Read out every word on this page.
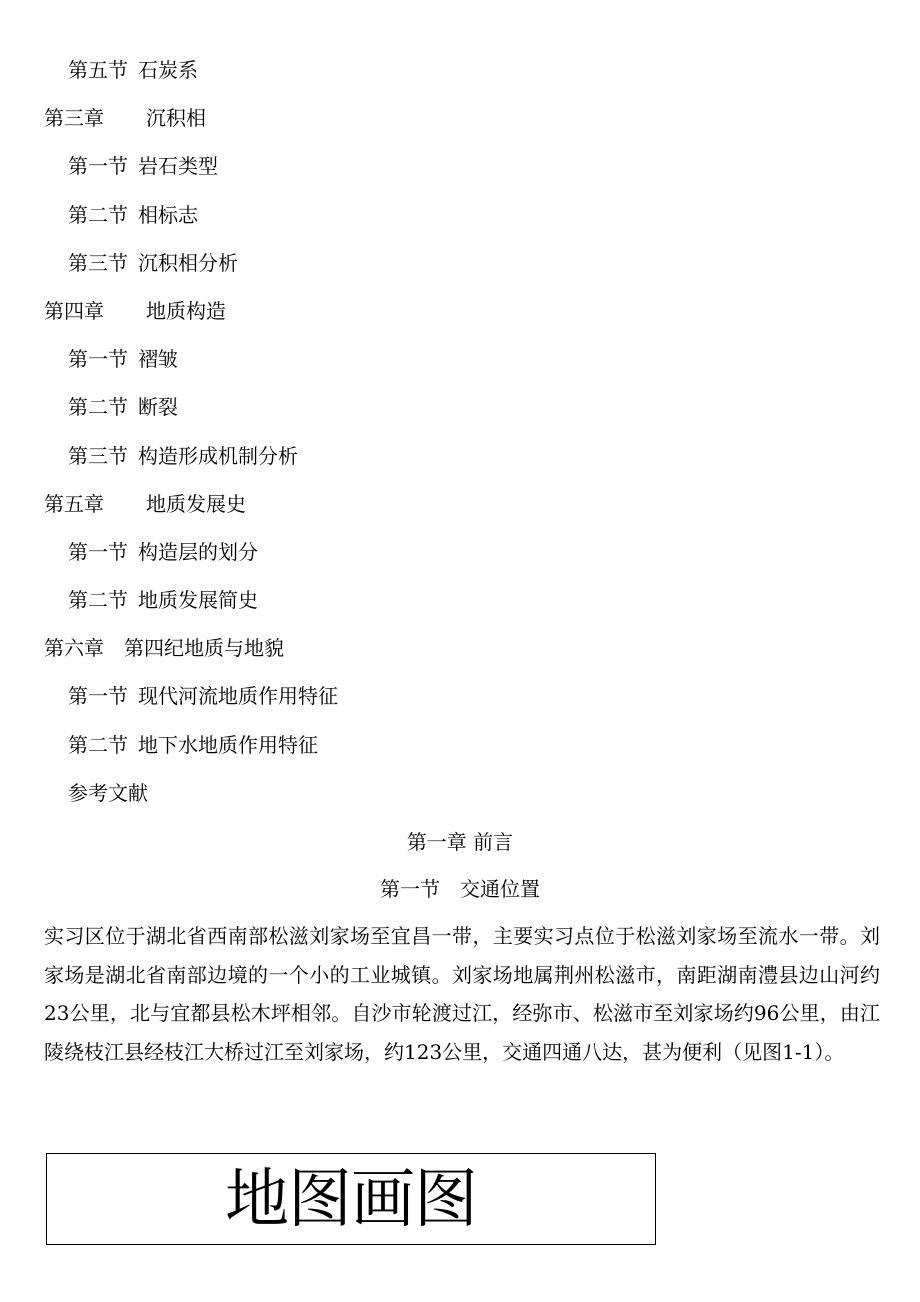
第五节 石炭系
第三章 沉积相
第一节 岩石类型
第二节 相标志
第三节 沉积相分析
第四章 地质构造
第一节 褶皱
第二节 断裂
第三节 构造形成机制分析
第五章 地质发展史
第一节 构造层的划分
第二节 地质发展简史
第六章 第四纪地质与地貌
第一节 现代河流地质作用特征
第二节 地下水地质作用特征
参考文献
第一章 前言
第一节　交通位置

实习区位于湖北省西南部松滋刘家场至宜昌一带，主要实习点位于松滋刘家场至流水一带。刘家场是湖北省南部边境的一个小的工业城镇。刘家场地属荆州松滋市，南距湖南澧县边山河约23公里，北与宜都县松木坪相邻。自沙市轮渡过江，经弥市、松滋市至刘家场约96公里，由江陵绕枝江县经枝江大桥过江至刘家场，约123公里，交通四通八达，甚为便利（见图1-1）。

地图画图
